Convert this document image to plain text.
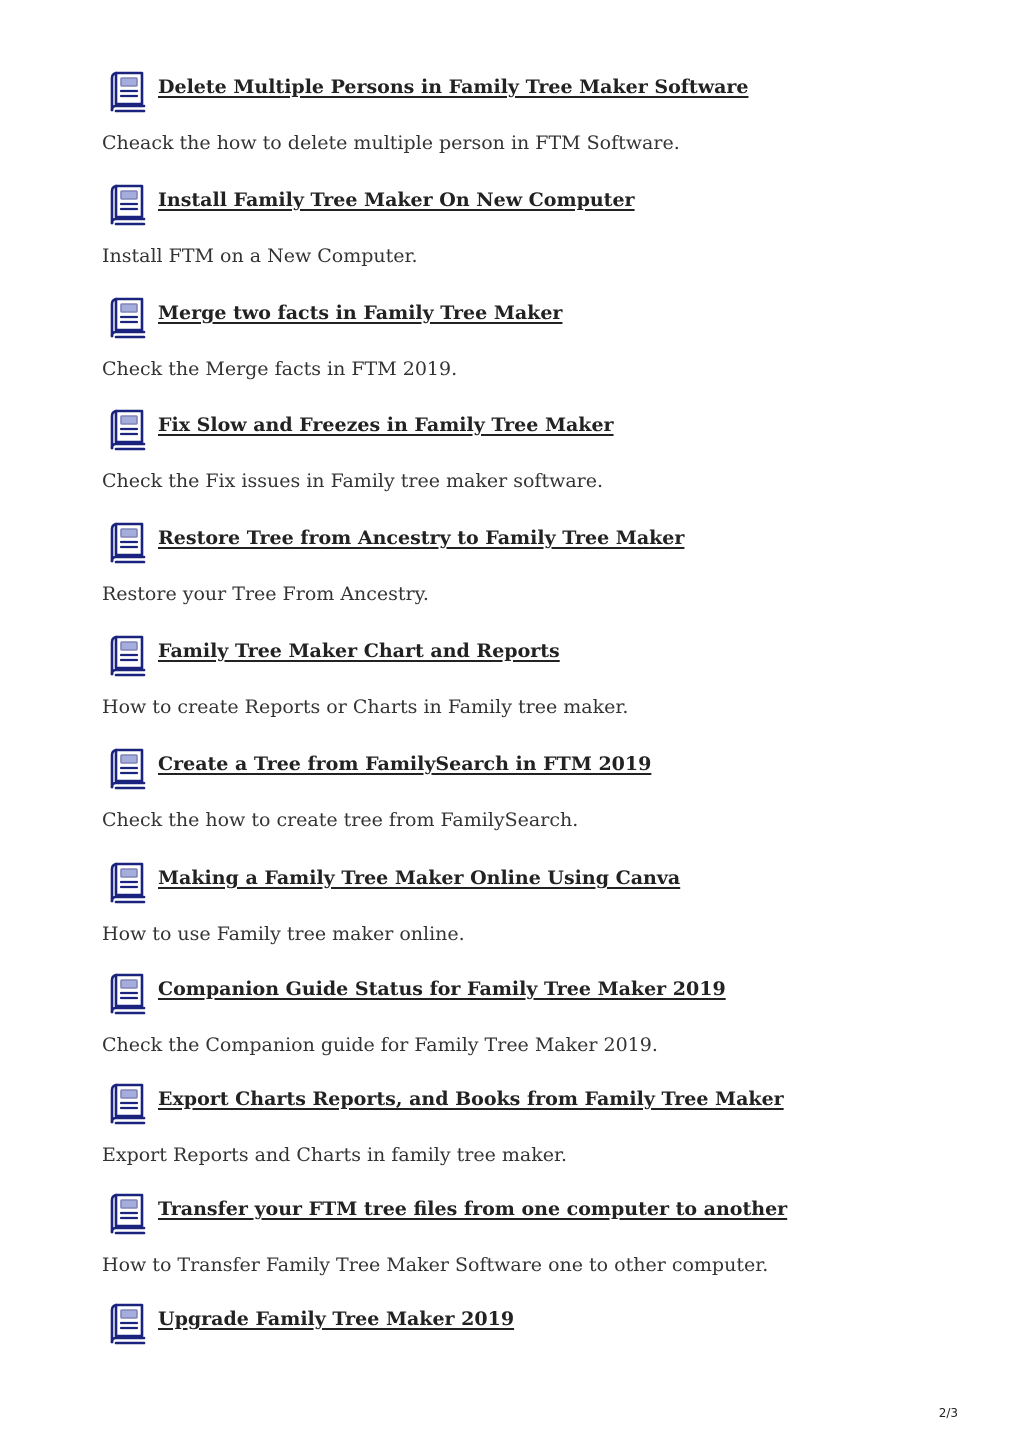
Delete Multiple Persons in Family Tree Maker Software
Cheack the how to delete multiple person in FTM Software.
Install Family Tree Maker On New Computer
Install FTM on a New Computer.
Merge two facts in Family Tree Maker
Check the Merge facts in FTM 2019.
Fix Slow and Freezes in Family Tree Maker
Check the Fix issues in Family tree maker software.
Restore Tree from Ancestry to Family Tree Maker
Restore your Tree From Ancestry.
Family Tree Maker Chart and Reports
How to create Reports or Charts in Family tree maker.
Create a Tree from FamilySearch in FTM 2019
Check the how to create tree from FamilySearch.
Making a Family Tree Maker Online Using Canva
How to use Family tree maker online.
Companion Guide Status for Family Tree Maker 2019
Check the Companion guide for Family Tree Maker 2019.
Export Charts Reports, and Books from Family Tree Maker
Export Reports and Charts in family tree maker.
Transfer your FTM tree files from one computer to another
How to Transfer Family Tree Maker Software one to other computer.
Upgrade Family Tree Maker 2019
2/3
